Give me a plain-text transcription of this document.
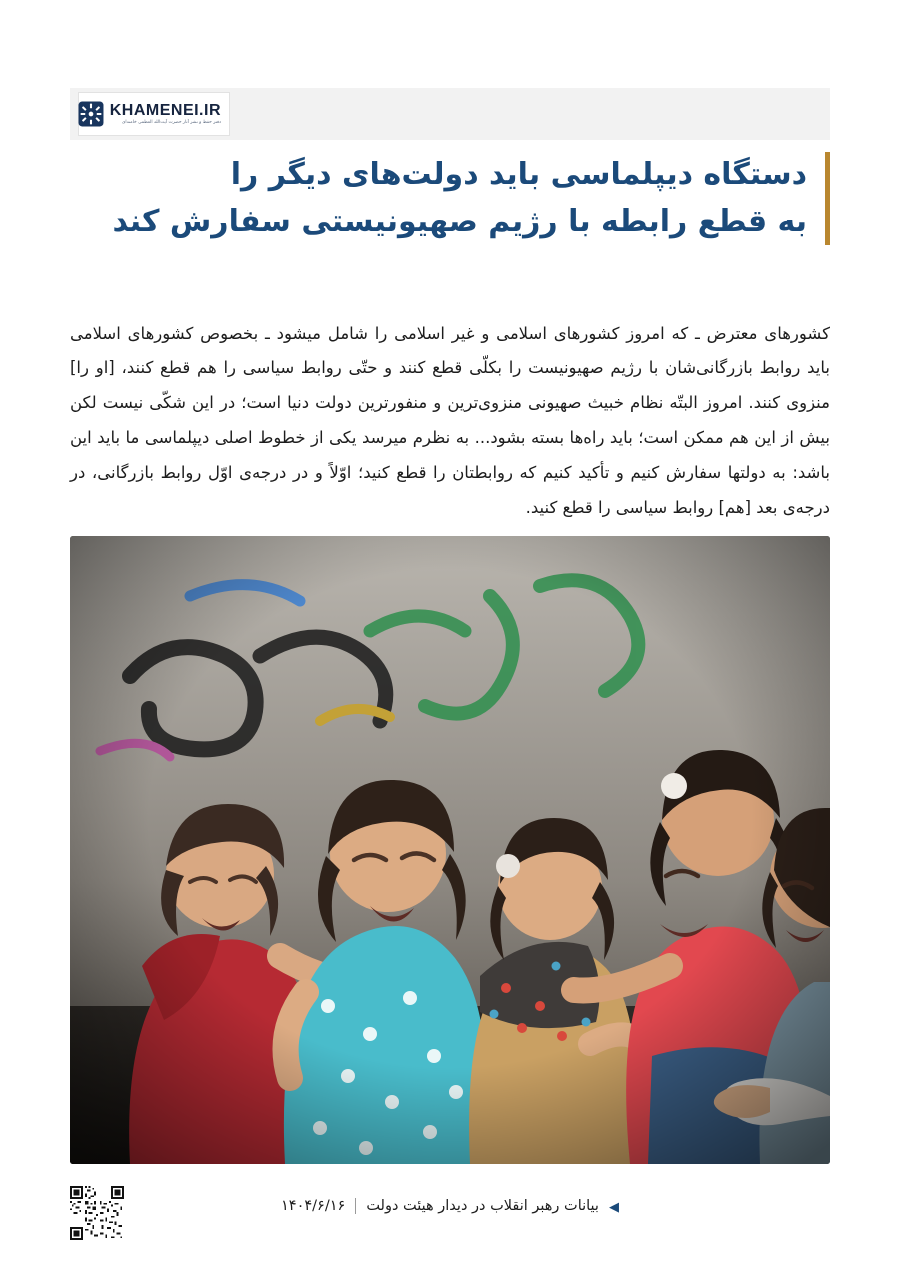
KHAMENEI.IR
دفتر حفظ و نشر آثار حضرت آیت‌الله العظمی خامنه‌ای
دستگاه دیپلماسی باید دولت‌های دیگر را
به قطع رابطه با رژیم صهیونیستی سفارش کند

کشورهای معترض ـ که امروز کشورهای اسلامی و غیر اسلامی را شامل میشود ـ بخصوص کشورهای اسلامی باید روابط بازرگانی‌شان با رژیم صهیونیست را بکلّی قطع کنند و حتّی روابط سیاسی را هم قطع کنند، [او را] منزوی کنند. امروز البتّه نظام خبیث صهیونی منزوی‌ترین و منفورترین دولت دنیا است؛ در این شکّی نیست لکن بیش از این هم ممکن است؛ باید راه‌ها بسته بشود... به نظرم میرسد یکی از خطوط اصلی دیپلماسی ما باید این باشد: به دولتها سفارش کنیم و تأکید کنیم که روابطتان را قطع کنید؛ اوّلاً و در درجه‌ی اوّل روابط بازرگانی، در درجه‌ی بعد [هم] روابط سیاسی را قطع کنید.

◀
بیانات رهبر انقلاب در دیدار هیئت دولت
۱۴۰۴/۶/۱۶
